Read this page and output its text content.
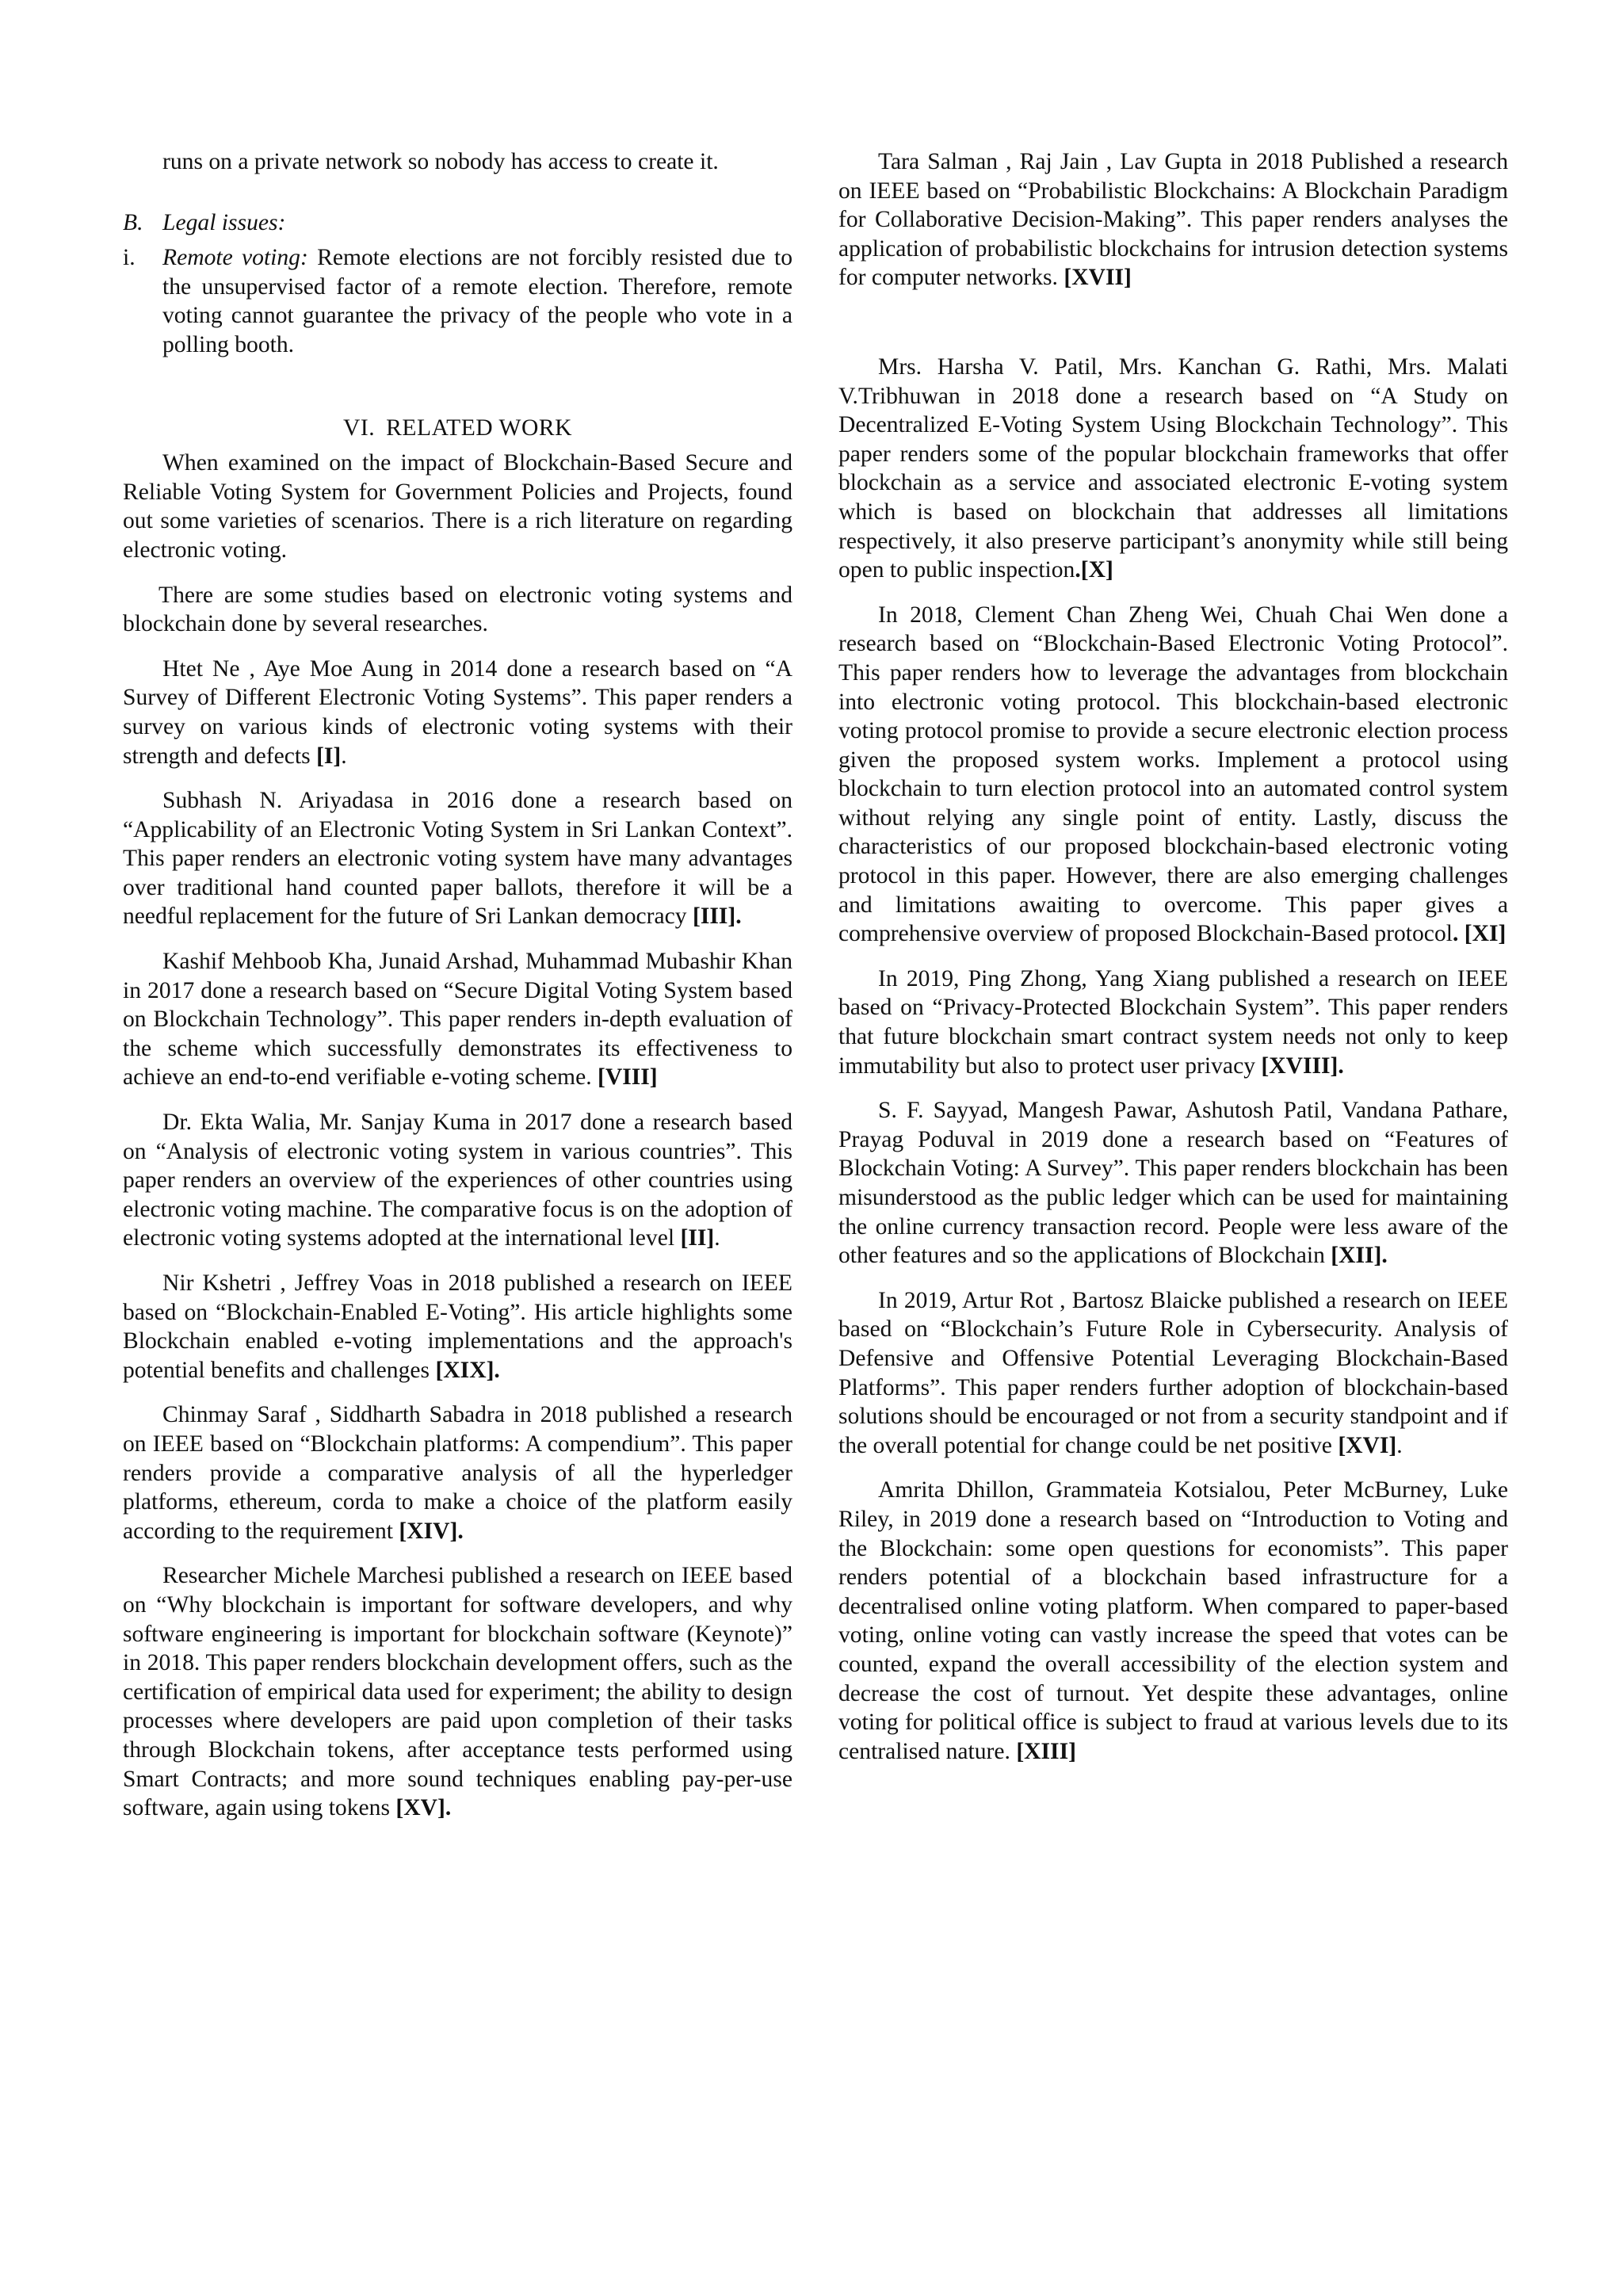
runs on a private network so nobody has access to create it.
B. Legal issues:
i. Remote voting: Remote elections are not forcibly resisted due to the unsupervised factor of a remote election. Therefore, remote voting cannot guarantee the privacy of the people who vote in a polling booth.
VI. RELATED WORK

When examined on the impact of Blockchain-Based Secure and Reliable Voting System for Government Policies and Projects, found out some varieties of scenarios. There is a rich literature on regarding electronic voting.

There are some studies based on electronic voting systems and blockchain done by several researches.

Htet Ne , Aye Moe Aung in 2014 done a research based on “A Survey of Different Electronic Voting Systems”. This paper renders a survey on various kinds of electronic voting systems with their strength and defects [I].

Subhash N. Ariyadasa in 2016 done a research based on “Applicability of an Electronic Voting System in Sri Lankan Context”. This paper renders an electronic voting system have many advantages over traditional hand counted paper ballots, therefore it will be a needful replacement for the future of Sri Lankan democracy [III].

Kashif Mehboob Kha, Junaid Arshad, Muhammad Mubashir Khan in 2017 done a research based on “Secure Digital Voting System based on Blockchain Technology”. This paper renders in-depth evaluation of the scheme which successfully demonstrates its effectiveness to achieve an end-to-end verifiable e-voting scheme. [VIII]

Dr. Ekta Walia, Mr. Sanjay Kuma in 2017 done a research based on “Analysis of electronic voting system in various countries”. This paper renders an overview of the experiences of other countries using electronic voting machine. The comparative focus is on the adoption of electronic voting systems adopted at the international level [II].

Nir Kshetri , Jeffrey Voas in 2018 published a research on IEEE based on “Blockchain-Enabled E-Voting”. His article highlights some Blockchain enabled e-voting implementations and the approach's potential benefits and challenges [XIX].

Chinmay Saraf , Siddharth Sabadra in 2018 published a research on IEEE based on “Blockchain platforms: A compendium”. This paper renders provide a comparative analysis of all the hyperledger platforms, ethereum, corda to make a choice of the platform easily according to the requirement [XIV].

Researcher Michele Marchesi published a research on IEEE based on “Why blockchain is important for software developers, and why software engineering is important for blockchain software (Keynote)” in 2018. This paper renders blockchain development offers, such as the certification of empirical data used for experiment; the ability to design processes where developers are paid upon completion of their tasks through Blockchain tokens, after acceptance tests performed using Smart Contracts; and more sound techniques enabling pay-per-use software, again using tokens [XV].

Tara Salman , Raj Jain , Lav Gupta in 2018 Published a research on IEEE based on “Probabilistic Blockchains: A Blockchain Paradigm for Collaborative Decision-Making”. This paper renders analyses the application of probabilistic blockchains for intrusion detection systems for computer networks. [XVII]

Mrs. Harsha V. Patil, Mrs. Kanchan G. Rathi, Mrs. Malati V.Tribhuwan in 2018 done a research based on “A Study on Decentralized E-Voting System Using Blockchain Technology”. This paper renders some of the popular blockchain frameworks that offer blockchain as a service and associated electronic E-voting system which is based on blockchain that addresses all limitations respectively, it also preserve participant’s anonymity while still being open to public inspection.[X]

In 2018, Clement Chan Zheng Wei, Chuah Chai Wen done a research based on “Blockchain-Based Electronic Voting Protocol”. This paper renders how to leverage the advantages from blockchain into electronic voting protocol. This blockchain-based electronic voting protocol promise to provide a secure electronic election process given the proposed system works. Implement a protocol using blockchain to turn election protocol into an automated control system without relying any single point of entity. Lastly, discuss the characteristics of our proposed blockchain-based electronic voting protocol in this paper. However, there are also emerging challenges and limitations awaiting to overcome. This paper gives a comprehensive overview of proposed Blockchain-Based protocol. [XI]

In 2019, Ping Zhong, Yang Xiang published a research on IEEE based on “Privacy-Protected Blockchain System”. This paper renders that future blockchain smart contract system needs not only to keep immutability but also to protect user privacy [XVIII].

S. F. Sayyad, Mangesh Pawar, Ashutosh Patil, Vandana Pathare, Prayag Poduval in 2019 done a research based on “Features of Blockchain Voting: A Survey”. This paper renders blockchain has been misunderstood as the public ledger which can be used for maintaining the online currency transaction record. People were less aware of the other features and so the applications of Blockchain [XII].

In 2019, Artur Rot , Bartosz Blaicke published a research on IEEE based on “Blockchain’s Future Role in Cybersecurity. Analysis of Defensive and Offensive Potential Leveraging Blockchain-Based Platforms”. This paper renders further adoption of blockchain-based solutions should be encouraged or not from a security standpoint and if the overall potential for change could be net positive [XVI].

Amrita Dhillon, Grammateia Kotsialou, Peter McBurney, Luke Riley, in 2019 done a research based on “Introduction to Voting and the Blockchain: some open questions for economists”. This paper renders potential of a blockchain based infrastructure for a decentralised online voting platform. When compared to paper-based voting, online voting can vastly increase the speed that votes can be counted, expand the overall accessibility of the election system and decrease the cost of turnout. Yet despite these advantages, online voting for political office is subject to fraud at various levels due to its centralised nature. [XIII]
